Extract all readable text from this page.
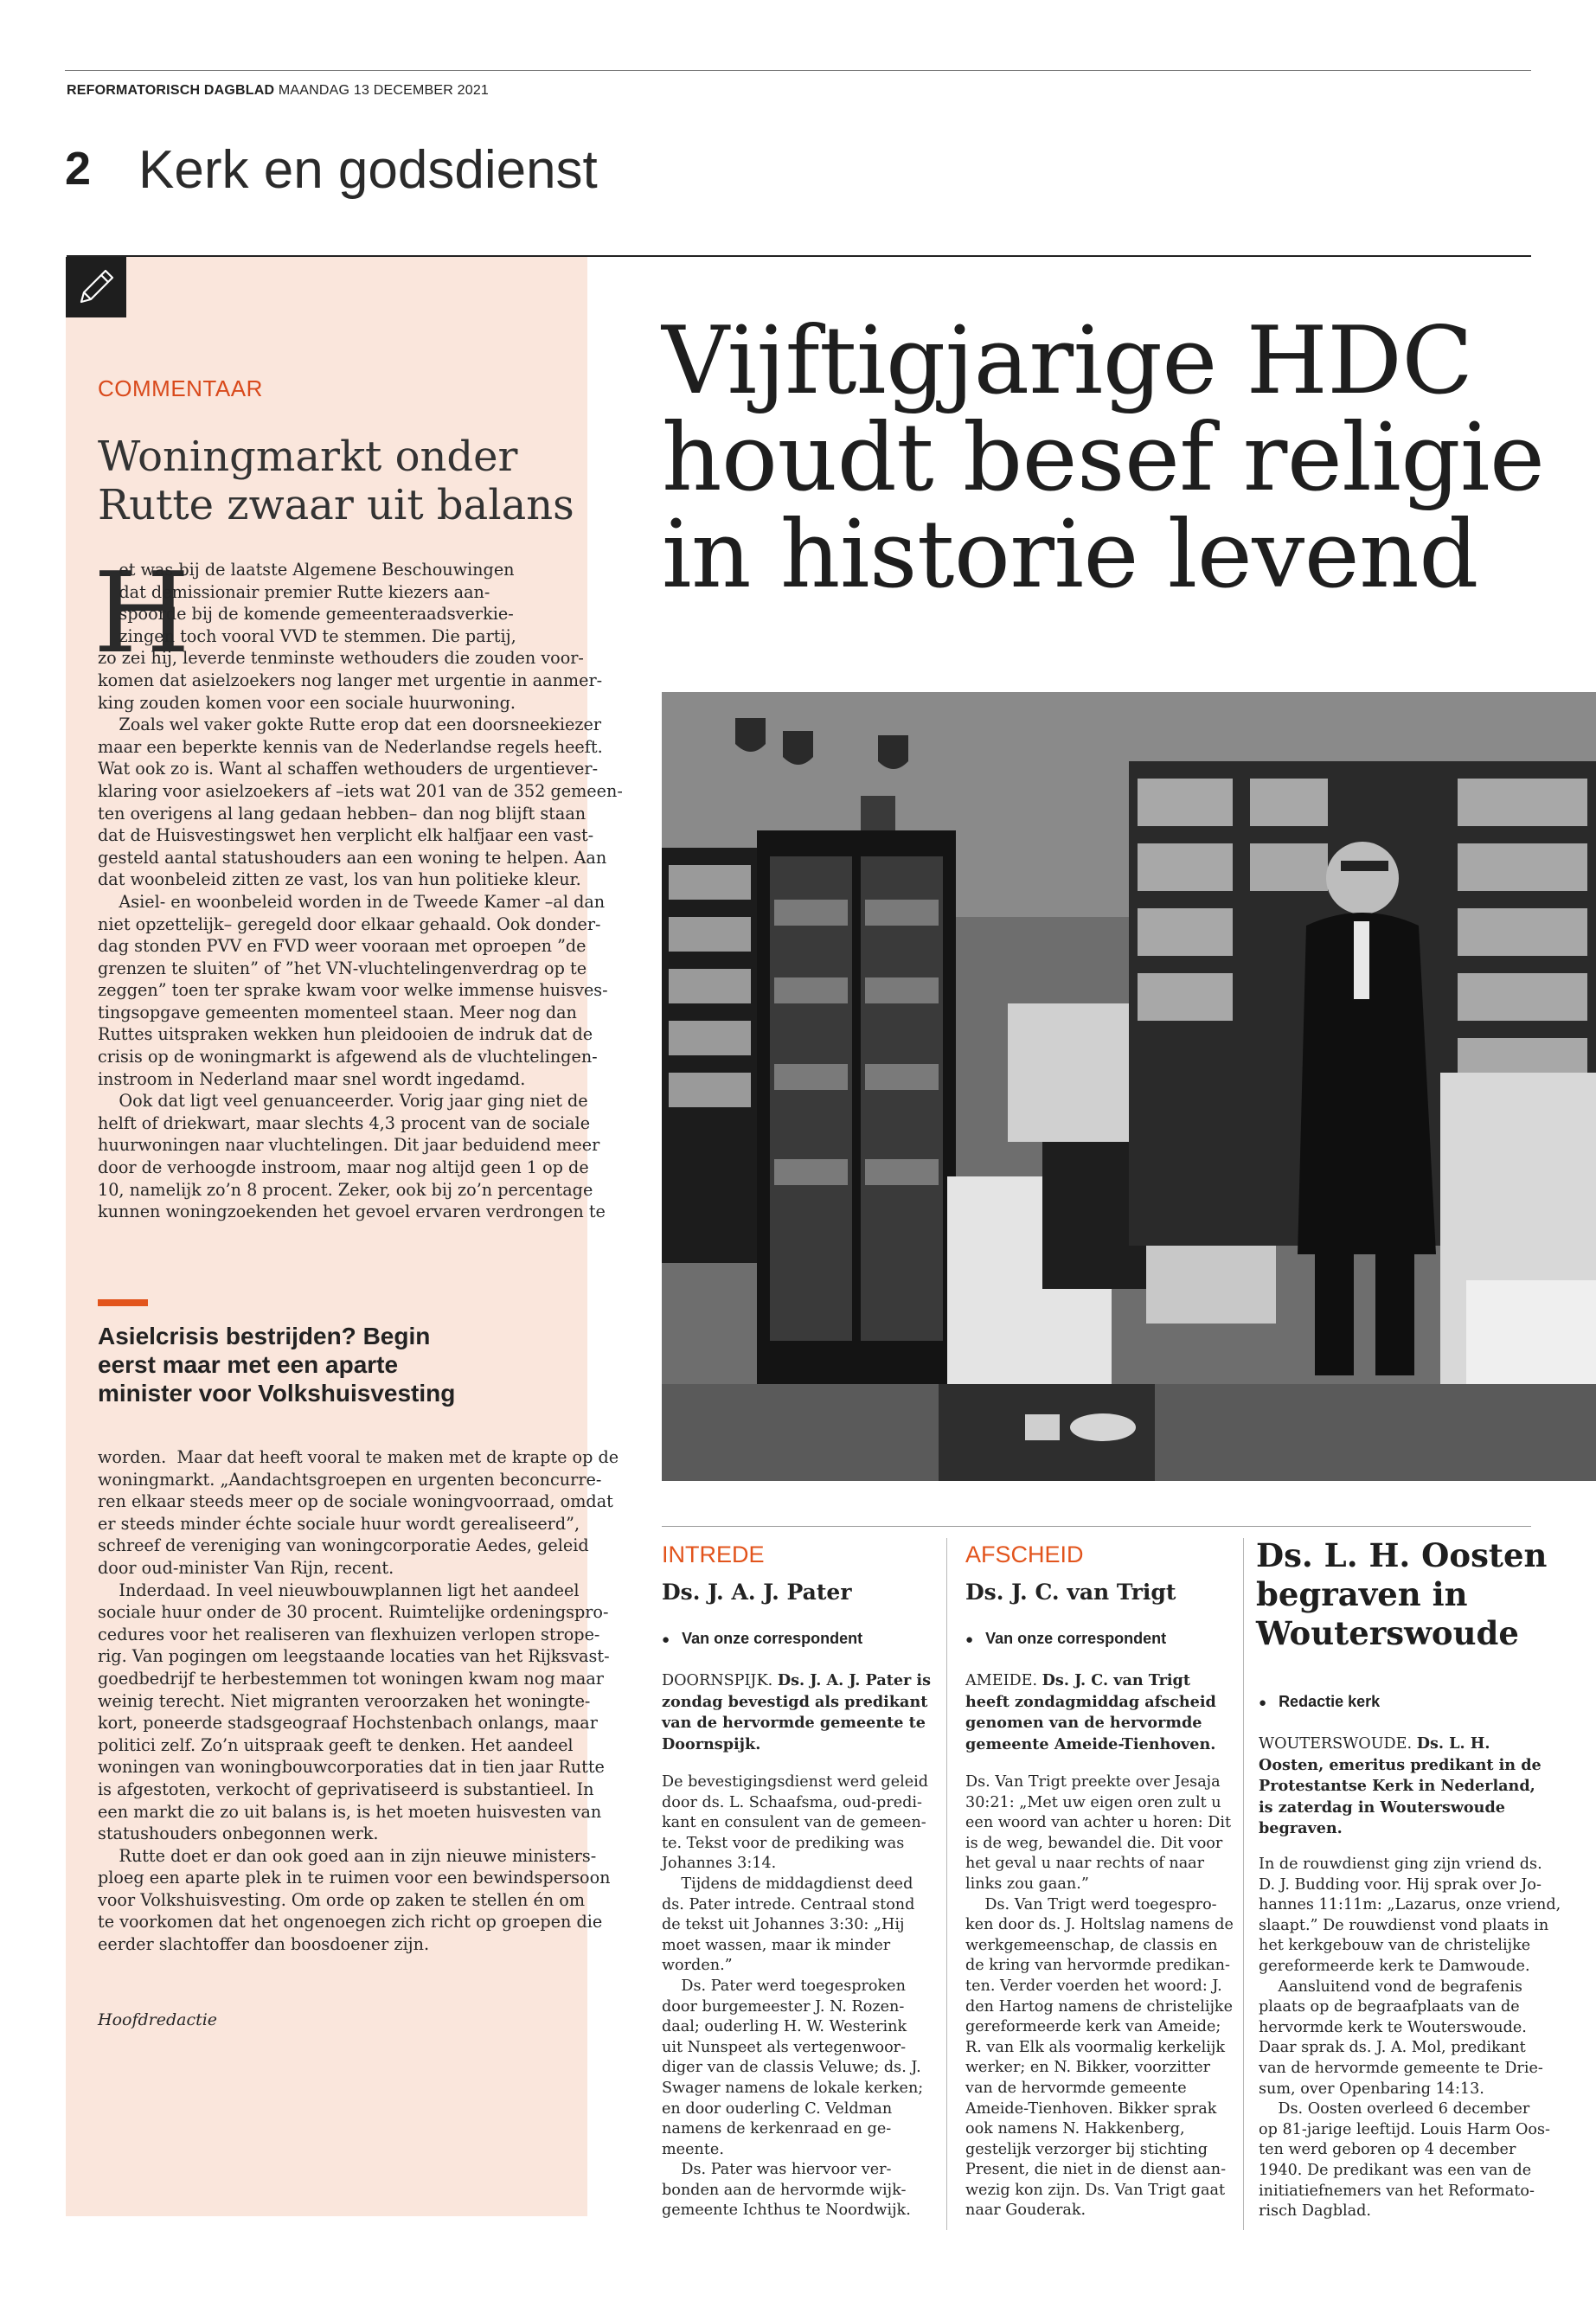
REFORMATORISCH DAGBLAD MAANDAG 13 DECEMBER 2021
2 Kerk en godsdienst
COMMENTAAR
Woningmarkt onder
Rutte zwaar uit balans
H
et was bij de laatste Algemene Beschouwingen
dat demissionair premier Rutte kiezers aan-
spoorde bij de komende gemeenteraadsverkie-
zingen toch vooral VVD te stemmen. Die partij,
zo zei hij, leverde tenminste wethouders die zouden voor-
komen dat asielzoekers nog langer met urgentie in aanmer-
king zouden komen voor een sociale huurwoning.
Zoals wel vaker gokte Rutte erop dat een doorsneekiezer
maar een beperkte kennis van de Nederlandse regels heeft.
Wat ook zo is. Want al schaffen wethouders de urgentiever-
klaring voor asielzoekers af –iets wat 201 van de 352 gemeen-
ten overigens al lang gedaan hebben– dan nog blijft staan
dat de Huisvestingswet hen verplicht elk halfjaar een vast-
gesteld aantal statushouders aan een woning te helpen. Aan
dat woonbeleid zitten ze vast, los van hun politieke kleur.
Asiel- en woonbeleid worden in de Tweede Kamer –al dan
niet opzettelijk– geregeld door elkaar gehaald. Ook donder-
dag stonden PVV en FVD weer vooraan met oproepen ”de
grenzen te sluiten” of ”het VN-vluchtelingenverdrag op te
zeggen” toen ter sprake kwam voor welke immense huisves-
tingsopgave gemeenten momenteel staan. Meer nog dan
Ruttes uitspraken wekken hun pleidooien de indruk dat de
crisis op de woningmarkt is afgewend als de vluchtelingen-
instroom in Nederland maar snel wordt ingedamd.
Ook dat ligt veel genuanceerder. Vorig jaar ging niet de
helft of driekwart, maar slechts 4,3 procent van de sociale
huurwoningen naar vluchtelingen. Dit jaar beduidend meer
door de verhoogde instroom, maar nog altijd geen 1 op de
10, namelijk zo’n 8 procent. Zeker, ook bij zo’n percentage
kunnen woningzoekenden het gevoel ervaren verdrongen te
Asielcrisis bestrijden? Begin
eerst maar met een aparte
minister voor Volkshuisvesting
worden.  Maar dat heeft vooral te maken met de krapte op de
woningmarkt. „Aandachtsgroepen en urgenten beconcurre-
ren elkaar steeds meer op de sociale woningvoorraad, omdat
er steeds minder échte sociale huur wordt gerealiseerd”,
schreef de vereniging van woningcorporatie Aedes, geleid
door oud-minister Van Rijn, recent.
Inderdaad. In veel nieuwbouwplannen ligt het aandeel
sociale huur onder de 30 procent. Ruimtelijke ordeningspro-
cedures voor het realiseren van flexhuizen verlopen strope-
rig. Van pogingen om leegstaande locaties van het Rijksvast-
goedbedrijf te herbestemmen tot woningen kwam nog maar
weinig terecht. Niet migranten veroorzaken het woningte-
kort, poneerde stadsgeograaf Hochstenbach onlangs, maar
politici zelf. Zo’n uitspraak geeft te denken. Het aandeel
woningen van woningbouwcorporaties dat in tien jaar Rutte
is afgestoten, verkocht of geprivatiseerd is substantieel. In
een markt die zo uit balans is, is het moeten huisvesten van
statushouders onbegonnen werk.
Rutte doet er dan ook goed aan in zijn nieuwe ministers-
ploeg een aparte plek in te ruimen voor een bewindspersoon
voor Volkshuisvesting. Om orde op zaken te stellen én om
te voorkomen dat het ongenoegen zich richt op groepen die
eerder slachtoffer dan boosdoener zijn.
Hoofdredactie
Vijftigjarige HDC
houdt besef religie
in historie levend
INTREDE
Ds. J. A. J. Pater
● Van onze correspondent
DOORNSPIJK. Ds. J. A. J. Pater is
zondag bevestigd als predikant
van de hervormde gemeente te
Doornspijk.
De bevestigingsdienst werd geleid
door ds. L. Schaafsma, oud-predi-
kant en consulent van de gemeen-
te. Tekst voor de prediking was
Johannes 3:14.
Tijdens de middagdienst deed
ds. Pater intrede. Centraal stond
de tekst uit Johannes 3:30: „Hij
moet wassen, maar ik minder
worden.”
Ds. Pater werd toegesproken
door burgemeester J. N. Rozen-
daal; ouderling H. W. Westerink
uit Nunspeet als vertegenwoor-
diger van de classis Veluwe; ds. J.
Swager namens de lokale kerken;
en door ouderling C. Veldman
namens de kerkenraad en ge-
meente.
Ds. Pater was hiervoor ver-
bonden aan de hervormde wijk-
gemeente Ichthus te Noordwijk.
AFSCHEID
Ds. J. C. van Trigt
● Van onze correspondent
AMEIDE. Ds. J. C. van Trigt
heeft zondagmiddag afscheid
genomen van de hervormde
gemeente Ameide-Tienhoven.
Ds. Van Trigt preekte over Jesaja
30:21: „Met uw eigen oren zult u
een woord van achter u horen: Dit
is de weg, bewandel die. Dit voor
het geval u naar rechts of naar
links zou gaan.”
Ds. Van Trigt werd toegespro-
ken door ds. J. Holtslag namens de
werkgemeenschap, de classis en
de kring van hervormde predikan-
ten. Verder voerden het woord: J.
den Hartog namens de christelijke
gereformeerde kerk van Ameide;
R. van Elk als voormalig kerkelijk
werker; en N. Bikker, voorzitter
van de hervormde gemeente
Ameide-Tienhoven. Bikker sprak
ook namens N. Hakkenberg,
gestelijk verzorger bij stichting
Present, die niet in de dienst aan-
wezig kon zijn. Ds. Van Trigt gaat
naar Gouderak.
Ds. L. H. Oosten
begraven in
Wouterswoude
● Redactie kerk
WOUTERSWOUDE. Ds. L. H.
Oosten, emeritus predikant in de
Protestantse Kerk in Nederland,
is zaterdag in Wouterswoude
begraven.
In de rouwdienst ging zijn vriend ds.
D. J. Budding voor. Hij sprak over Jo-
hannes 11:11m: „Lazarus, onze vriend,
slaapt.” De rouwdienst vond plaats in
het kerkgebouw van de christelijke
gereformeerde kerk te Damwoude.
Aansluitend vond de begrafenis
plaats op de begraafplaats van de
hervormde kerk te Wouterswoude.
Daar sprak ds. J. A. Mol, predikant
van de hervormde gemeente te Drie-
sum, over Openbaring 14:13.
Ds. Oosten overleed 6 december
op 81-jarige leeftijd. Louis Harm Oos-
ten werd geboren op 4 december
1940. De predikant was een van de
initiatiefnemers van het Reformato-
risch Dagblad.
